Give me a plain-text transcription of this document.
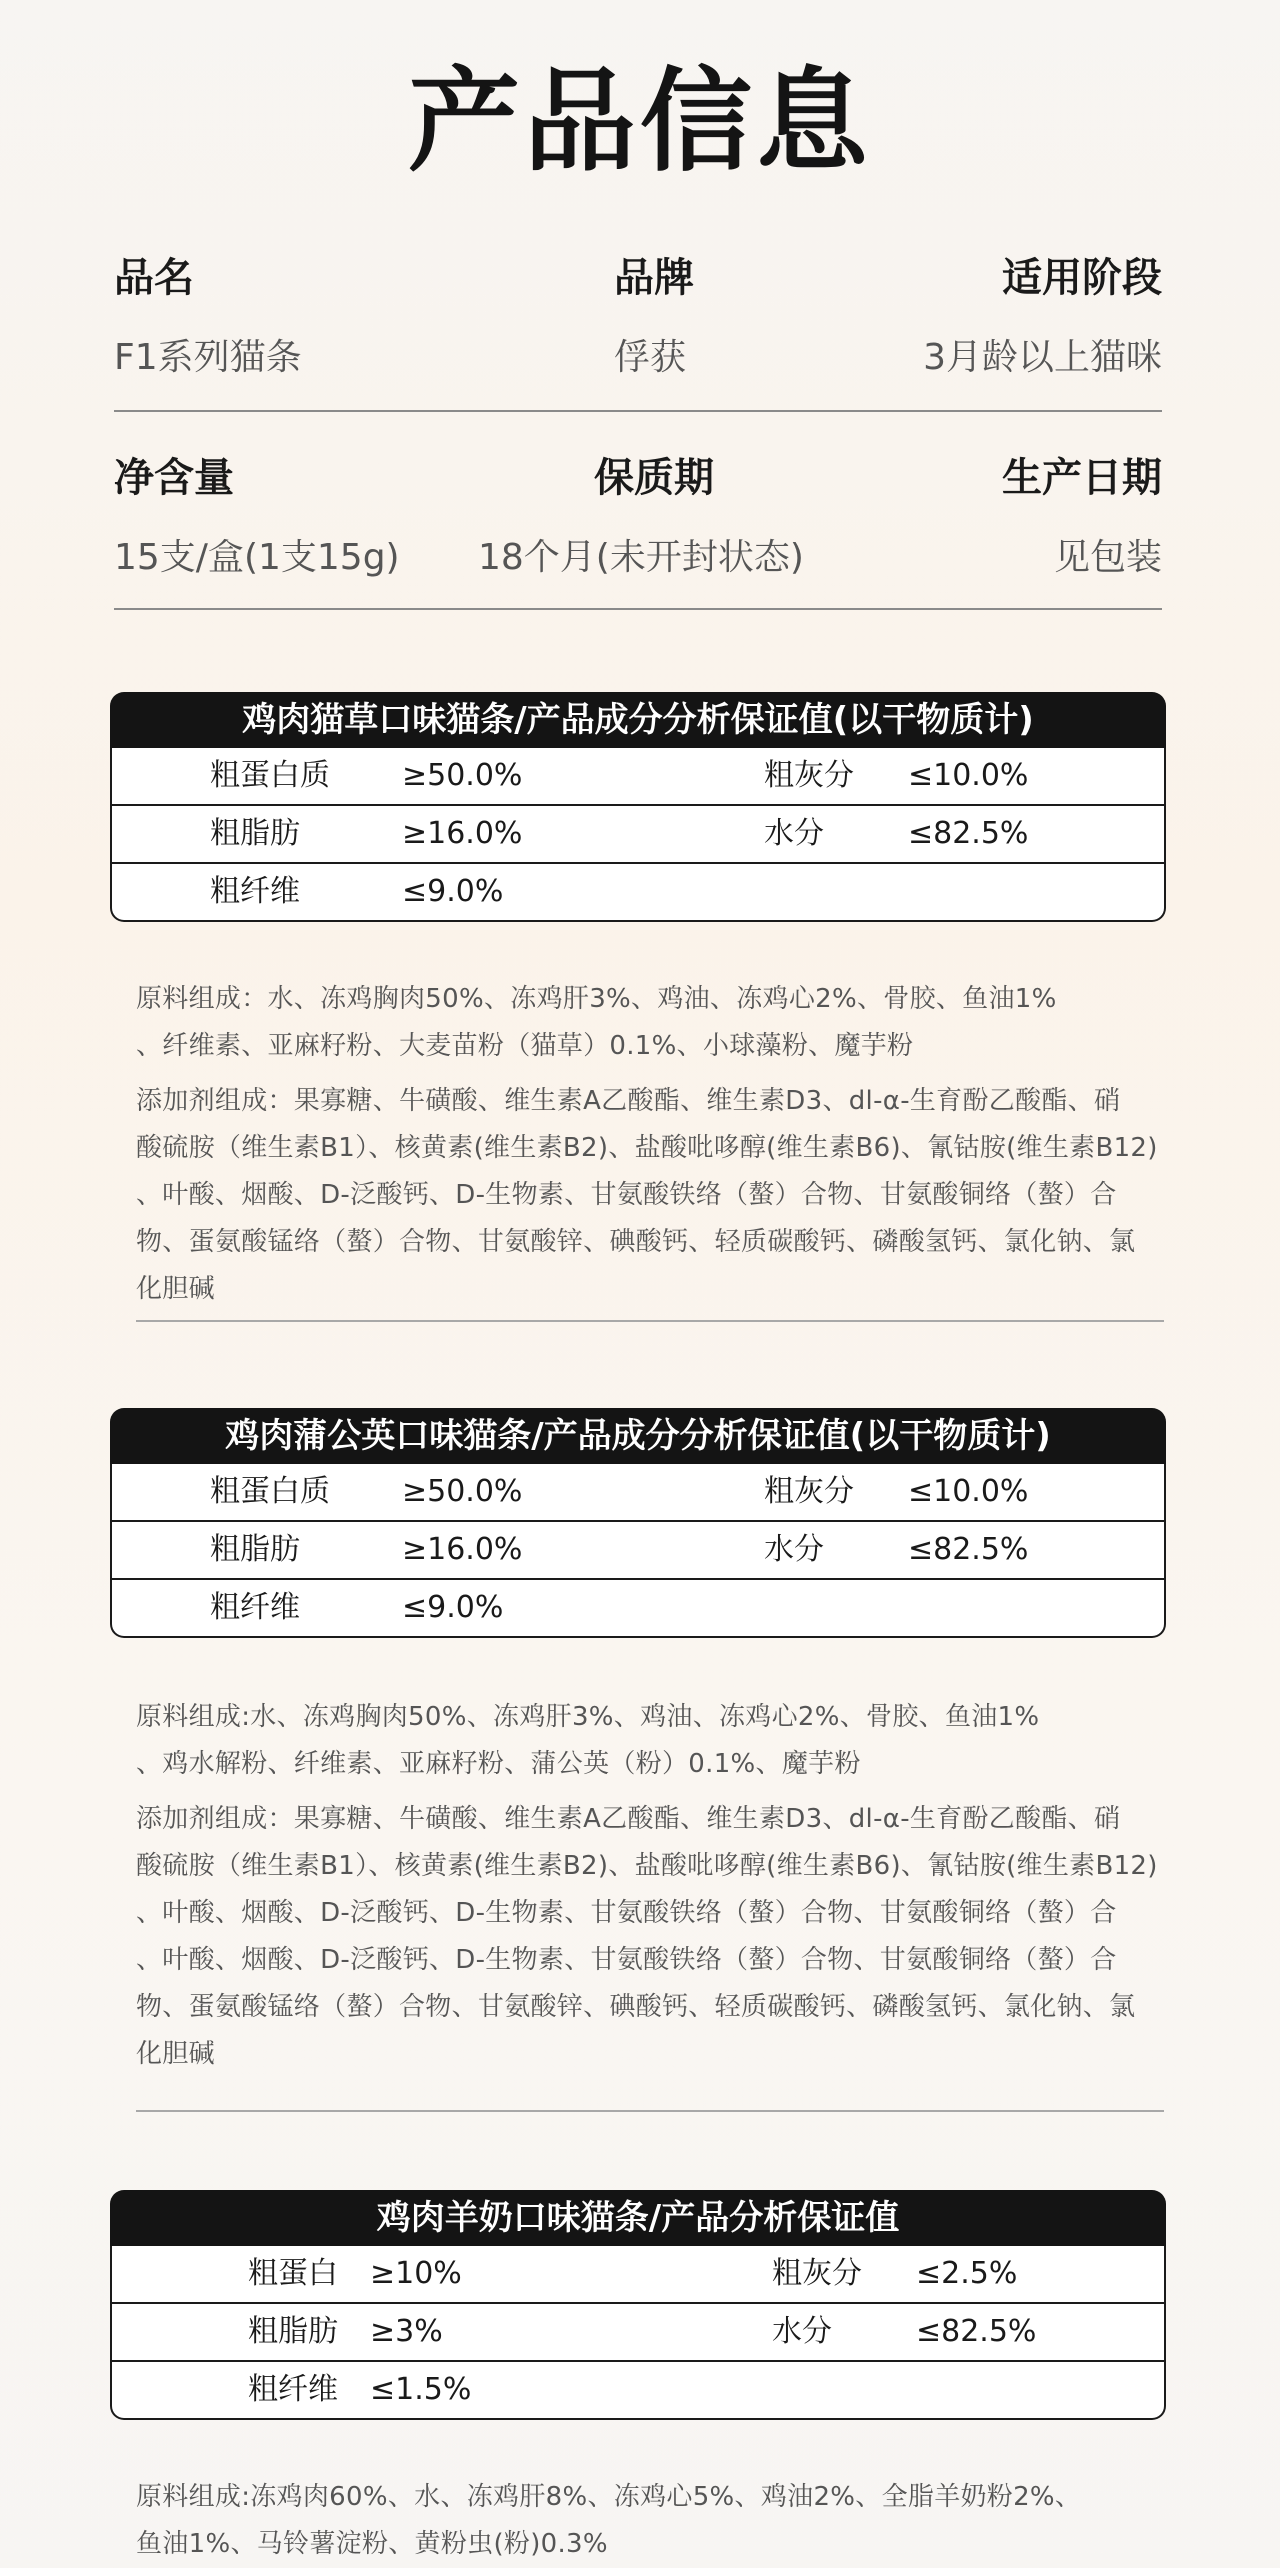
产品信息
品名
F1系列猫条
品牌
俘获
适用阶段
3月龄以上猫咪
净含量
15支/盒(1支15g)
保质期
18个月(未开封状态)
生产日期
见包装
鸡肉猫草口味猫条/产品成分分析保证值(以干物质计)
粗蛋白质 ≥50.0%	粗灰分 ≤10.0%
粗脂肪	≥16.0%	水分	≤82.5%
粗纤维	≤9.0%
原料组成：水、冻鸡胸肉50%、冻鸡肝3%、鸡油、冻鸡心2%、骨胶、鱼油1%
、纤维素、亚麻籽粉、大麦苗粉（猫草）0.1%、小球藻粉、魔芋粉
添加剂组成：果寡糖、牛磺酸、维生素A乙酸酯、维生素D3、dl-α-生育酚乙酸酯、硝
酸硫胺（维生素B1）、核黄素(维生素B2)、盐酸吡哆醇(维生素B6)、氰钴胺(维生素B12)
、叶酸、烟酸、D-泛酸钙、D-生物素、甘氨酸铁络（螯）合物、甘氨酸铜络（螯）合
物、蛋氨酸锰络（螯）合物、甘氨酸锌、碘酸钙、轻质碳酸钙、磷酸氢钙、氯化钠、氯
化胆碱
鸡肉蒲公英口味猫条/产品成分分析保证值(以干物质计)
粗蛋白质 ≥50.0%	粗灰分 ≤10.0%
粗脂肪	≥16.0%	水分	≤82.5%
粗纤维	≤9.0%
原料组成:水、冻鸡胸肉50%、冻鸡肝3%、鸡油、冻鸡心2%、骨胶、鱼油1%
、鸡水解粉、纤维素、亚麻籽粉、蒲公英（粉）0.1%、魔芋粉
添加剂组成：果寡糖、牛磺酸、维生素A乙酸酯、维生素D3、dl-α-生育酚乙酸酯、硝
酸硫胺（维生素B1）、核黄素(维生素B2)、盐酸吡哆醇(维生素B6)、氰钴胺(维生素B12)
、叶酸、烟酸、D-泛酸钙、D-生物素、甘氨酸铁络（螯）合物、甘氨酸铜络（螯）合
、叶酸、烟酸、D-泛酸钙、D-生物素、甘氨酸铁络（螯）合物、甘氨酸铜络（螯）合
物、蛋氨酸锰络（螯）合物、甘氨酸锌、碘酸钙、轻质碳酸钙、磷酸氢钙、氯化钠、氯
化胆碱
鸡肉羊奶口味猫条/产品分析保证值
粗蛋白 ≥10%	粗灰分 ≤2.5%
粗脂肪 ≥3%	水分	≤82.5%
粗纤维 ≤1.5%
原料组成:冻鸡肉60%、水、冻鸡肝8%、冻鸡心5%、鸡油2%、全脂羊奶粉2%、
鱼油1%、马铃薯淀粉、黄粉虫(粉)0.3%
